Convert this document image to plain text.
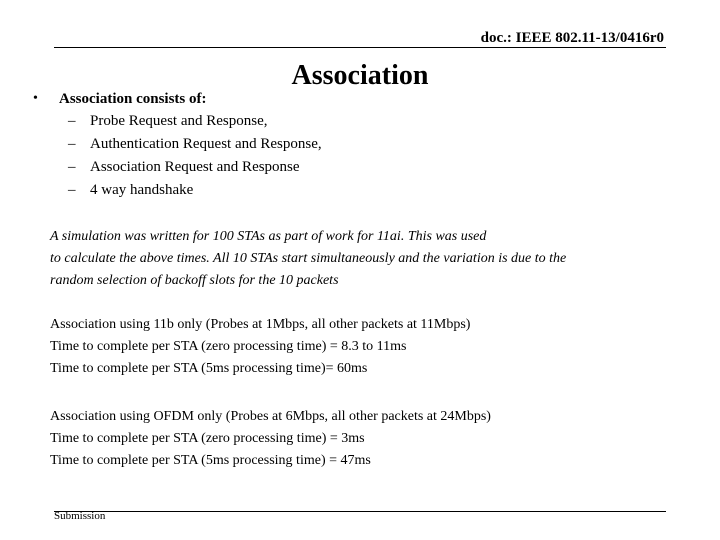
doc.: IEEE 802.11-13/0416r0
Association
• Association consists of:
– Probe Request and Response,
– Authentication Request and Response,
– Association Request and Response
– 4 way handshake
A simulation was written for 100 STAs as part of work for 11ai. This was used
to calculate the above times. All 10 STAs start simultaneously and the variation is due to the
random selection of backoff slots for the 10 packets
Association using 11b only (Probes at 1Mbps, all other packets at 11Mbps)
Time to complete per STA (zero processing time) = 8.3 to 11ms
Time to complete per STA (5ms processing time)= 60ms
Association using OFDM only (Probes at 6Mbps, all other packets at 24Mbps)
Time to complete per STA (zero processing time) = 3ms
Time to complete per STA (5ms processing time) = 47ms
Submission
